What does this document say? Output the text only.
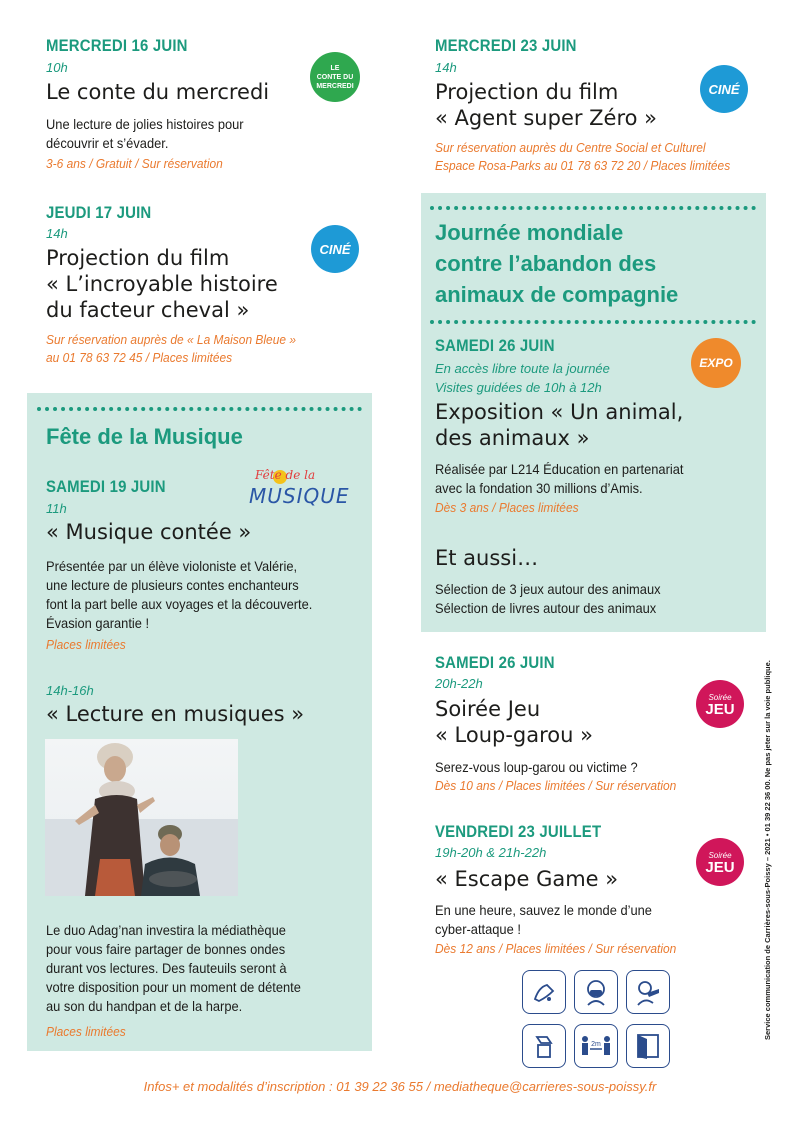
MERCREDI 16 JUIN
10h
Le conte du mercredi
Une lecture de jolies histoires pour
découvrir et s’évader.
3-6 ans / Gratuit / Sur réservation
LE
CONTE DU
MERCREDI
JEUDI 17 JUIN
14h
Projection du film
« L’incroyable histoire
du facteur cheval »
Sur réservation auprès de « La Maison Bleue »
au 01 78 63 72 45 / Places limitées
CINÉ
Fête de la Musique
SAMEDI 19 JUIN
Fête de la
MUSIQUE
11h
« Musique contée »
Présentée par un élève violoniste et Valérie,
une lecture de plusieurs contes enchanteurs
font la part belle aux voyages et la découverte.
Évasion garantie !
Places limitées
14h-16h
« Lecture en musiques »
Le duo Adag’nan investira la médiathèque
pour vous faire partager de bonnes ondes
durant vos lectures. Des fauteuils seront à
votre disposition pour un moment de détente
au son du handpan et de la harpe.
Places limitées
MERCREDI 23 JUIN
14h
Projection du film
« Agent super Zéro »
Sur réservation auprès du Centre Social et Culturel
Espace Rosa-Parks au 01 78 63 72 20 / Places limitées
CINÉ
Journée mondiale
contre l’abandon des
animaux de compagnie
SAMEDI 26 JUIN
En accès libre toute la journée
Visites guidées de 10h à 12h
Exposition « Un animal,
des animaux »
Réalisée par L214 Éducation en partenariat
avec la fondation 30 millions d’Amis.
Dès 3 ans / Places limitées
EXPO
Et aussi…
Sélection de 3 jeux autour des animaux
Sélection de livres autour des animaux
SAMEDI 26 JUIN
20h-22h
Soirée Jeu
« Loup-garou »
Serez-vous loup-garou ou victime ?
Dès 10 ans / Places limitées / Sur réservation
Soirée
JEU
VENDREDI 23 JUILLET
19h-20h & 21h-22h
« Escape Game »
En une heure, sauvez le monde d’une
cyber-attaque !
Dès 12 ans / Places limitées / Sur réservation
Soirée
JEU
2m
Service communication de Carrières-sous-Poissy – 2021 • 01 39 22 36 00. Ne pas jeter sur la voie publique.
Infos+ et modalités d’inscription : 01 39 22 36 55 / mediatheque@carrieres-sous-poissy.fr
